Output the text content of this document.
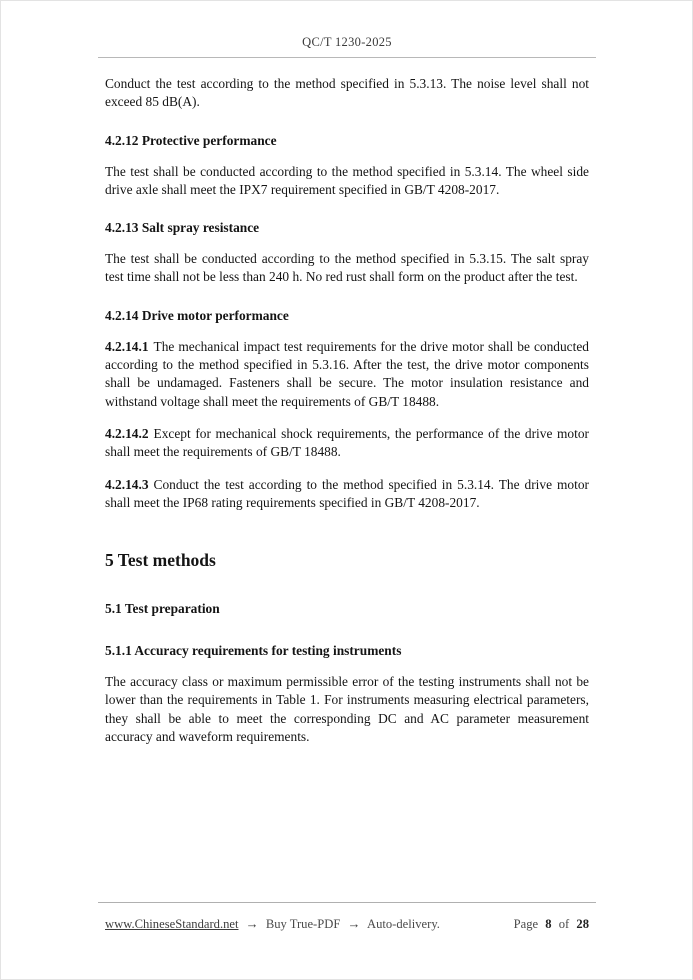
QC/T 1230-2025

Conduct the test according to the method specified in 5.3.13. The noise level shall not exceed 85 dB(A).

4.2.12 Protective performance

The test shall be conducted according to the method specified in 5.3.14. The wheel side drive axle shall meet the IPX7 requirement specified in GB/T 4208-2017.

4.2.13 Salt spray resistance

The test shall be conducted according to the method specified in 5.3.15. The salt spray test time shall not be less than 240 h. No red rust shall form on the product after the test.

4.2.14 Drive motor performance

4.2.14.1 The mechanical impact test requirements for the drive motor shall be conducted according to the method specified in 5.3.16. After the test, the drive motor components shall be undamaged. Fasteners shall be secure. The motor insulation resistance and withstand voltage shall meet the requirements of GB/T 18488.

4.2.14.2 Except for mechanical shock requirements, the performance of the drive motor shall meet the requirements of GB/T 18488.

4.2.14.3 Conduct the test according to the method specified in 5.3.14. The drive motor shall meet the IP68 rating requirements specified in GB/T 4208-2017.

5 Test methods
5.1 Test preparation
5.1.1 Accuracy requirements for testing instruments

The accuracy class or maximum permissible error of the testing instruments shall not be lower than the requirements in Table 1. For instruments measuring electrical parameters, they shall be able to meet the corresponding DC and AC parameter measurement accuracy and waveform requirements.

www.ChineseStandard.net → Buy True-PDF → Auto-delivery.	Page 8 of 28
